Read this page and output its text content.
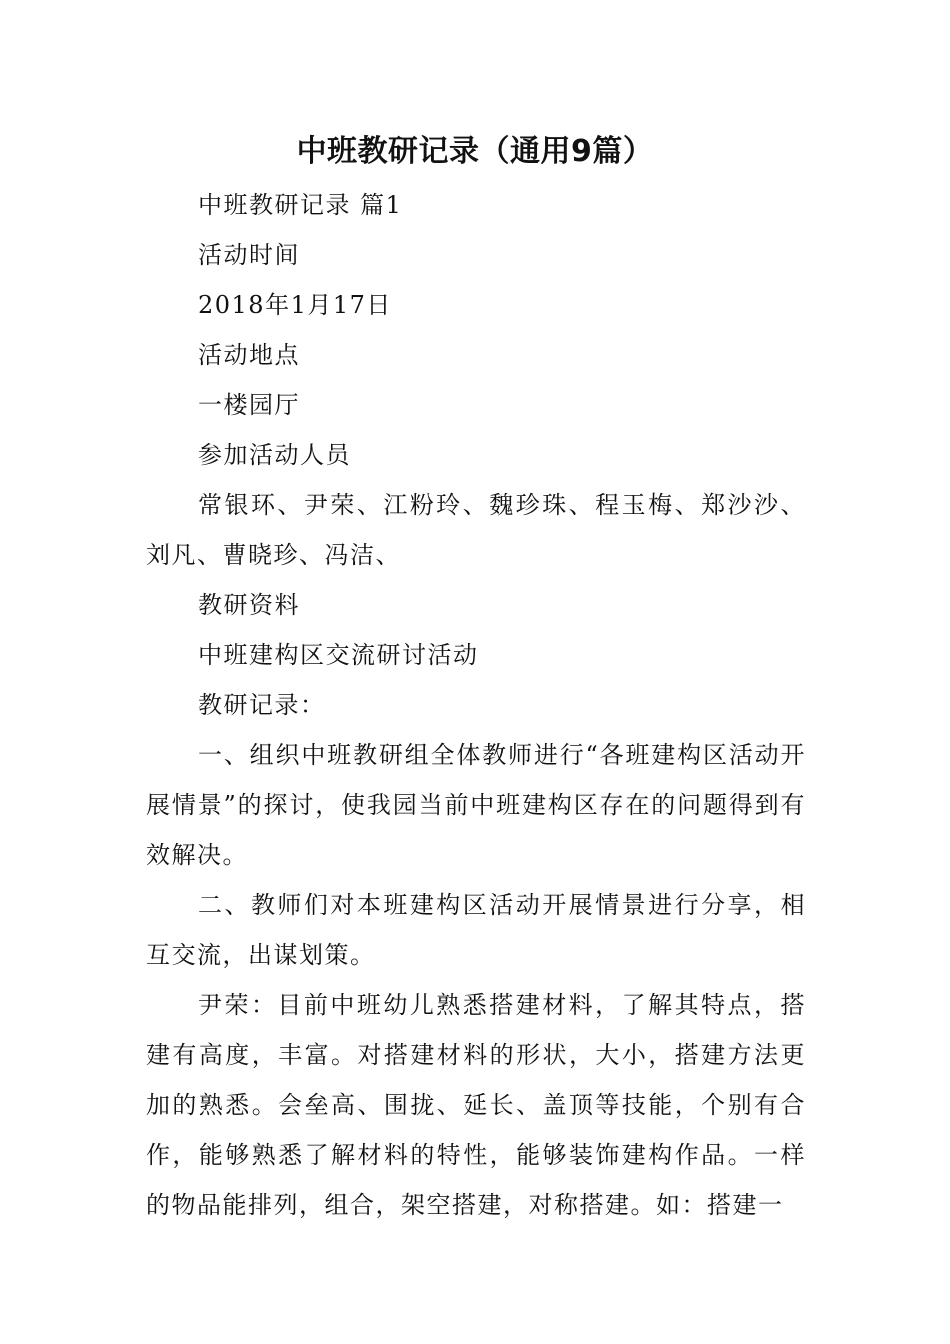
中班教研记录（通用9篇）

中班教研记录 篇1

活动时间

2018年1月17日

活动地点

一楼园厅

参加活动人员

常银环、尹荣、江粉玲、魏珍珠、程玉梅、郑沙沙、刘凡、曹晓珍、冯洁、

教研资料

中班建构区交流研讨活动

教研记录：

一、组织中班教研组全体教师进行“各班建构区活动开展情景”的探讨，使我园当前中班建构区存在的问题得到有效解决。

二、教师们对本班建构区活动开展情景进行分享，相互交流，出谋划策。

尹荣：目前中班幼儿熟悉搭建材料，了解其特点，搭建有高度，丰富。对搭建材料的形状，大小，搭建方法更加的熟悉。会垒高、围拢、延长、盖顶等技能，个别有合作，能够熟悉了解材料的特性，能够装饰建构作品。一样的物品能排列，组合，架空搭建，对称搭建。如：搭建一
